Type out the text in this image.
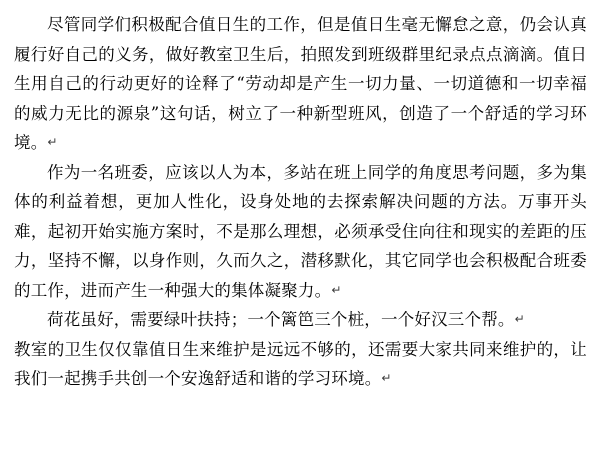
尽管同学们积极配合值日生的工作，但是值日生毫无懈怠之意，仍会认真履行好自己的义务，做好教室卫生后，拍照发到班级群里纪录点点滴滴。值日生用自己的行动更好的诠释了“劳动却是产生一切力量、一切道德和一切幸福的威力无比的源泉”这句话，树立了一种新型班风，创造了一个舒适的学习环境。↵

作为一名班委，应该以人为本，多站在班上同学的角度思考问题，多为集体的利益着想，更加人性化，设身处地的去探索解决问题的方法。万事开头难，起初开始实施方案时，不是那么理想，必须承受住向往和现实的差距的压力，坚持不懈，以身作则，久而久之，潜移默化，其它同学也会积极配合班委的工作，进而产生一种强大的集体凝聚力。↵

荷花虽好，需要绿叶扶持；一个篱笆三个桩，一个好汉三个帮。↵

教室的卫生仅仅靠值日生来维护是远远不够的，还需要大家共同来维护的，让我们一起携手共创一个安逸舒适和谐的学习环境。↵
